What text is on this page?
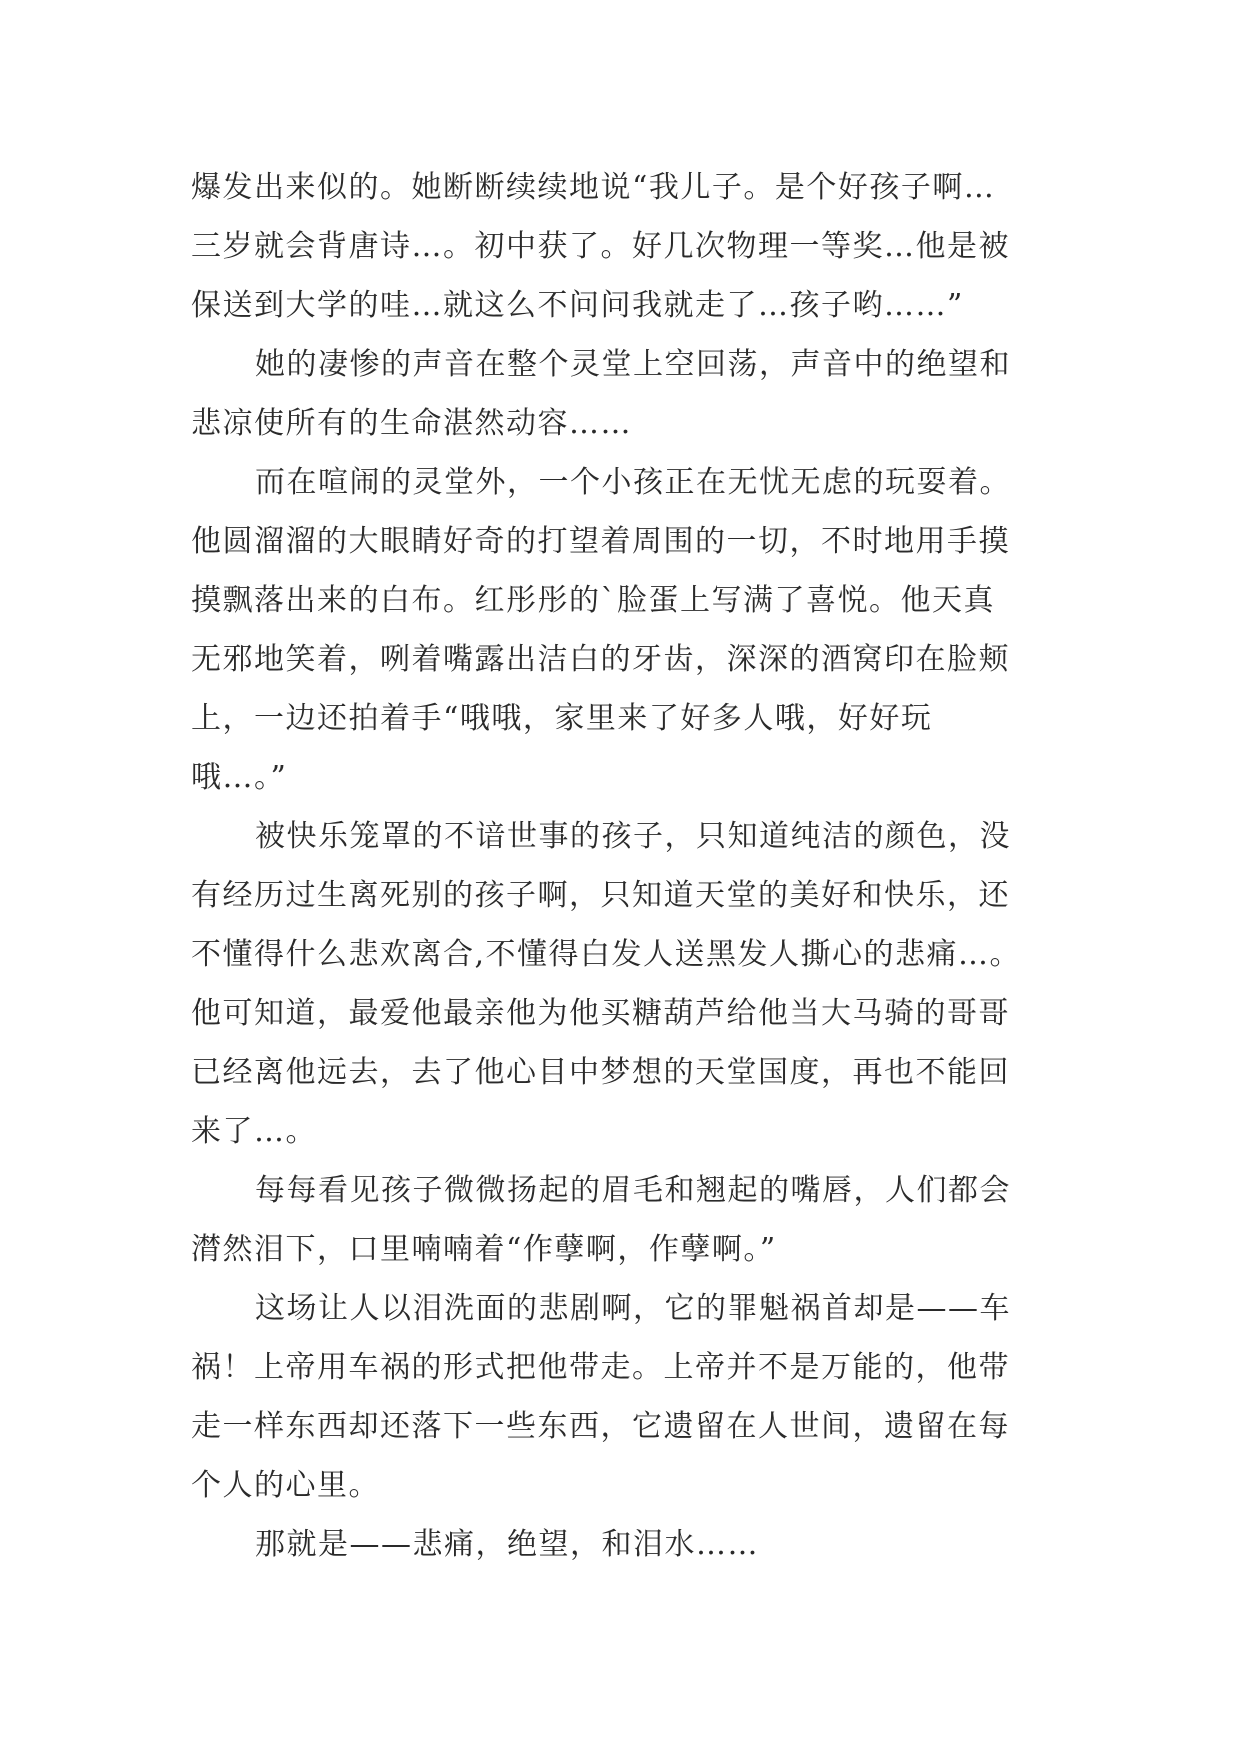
爆发出来似的。她断断续续地说“我儿子。是个好孩子啊…
三岁就会背唐诗…。初中获了。好几次物理一等奖…他是被
保送到大学的哇…就这么不问问我就走了…孩子哟……”
她的凄惨的声音在整个灵堂上空回荡，声音中的绝望和
悲凉使所有的生命湛然动容……
而在喧闹的灵堂外，一个小孩正在无忧无虑的玩耍着。
他圆溜溜的大眼睛好奇的打望着周围的一切，不时地用手摸
摸飘落出来的白布。红彤彤的`脸蛋上写满了喜悦。他天真
无邪地笑着，咧着嘴露出洁白的牙齿，深深的酒窝印在脸颊
上，一边还拍着手“哦哦，家里来了好多人哦，好好玩
哦…。”
被快乐笼罩的不谙世事的孩子，只知道纯洁的颜色，没
有经历过生离死别的孩子啊，只知道天堂的美好和快乐，还
不懂得什么悲欢离合,不懂得白发人送黑发人撕心的悲痛…。
他可知道，最爱他最亲他为他买糖葫芦给他当大马骑的哥哥
已经离他远去，去了他心目中梦想的天堂国度，再也不能回
来了…。
每每看见孩子微微扬起的眉毛和翘起的嘴唇，人们都会
潸然泪下，口里喃喃着“作孽啊，作孽啊。”
这场让人以泪洗面的悲剧啊，它的罪魁祸首却是——车
祸！上帝用车祸的形式把他带走。上帝并不是万能的，他带
走一样东西却还落下一些东西，它遗留在人世间，遗留在每
个人的心里。
那就是——悲痛，绝望，和泪水……
